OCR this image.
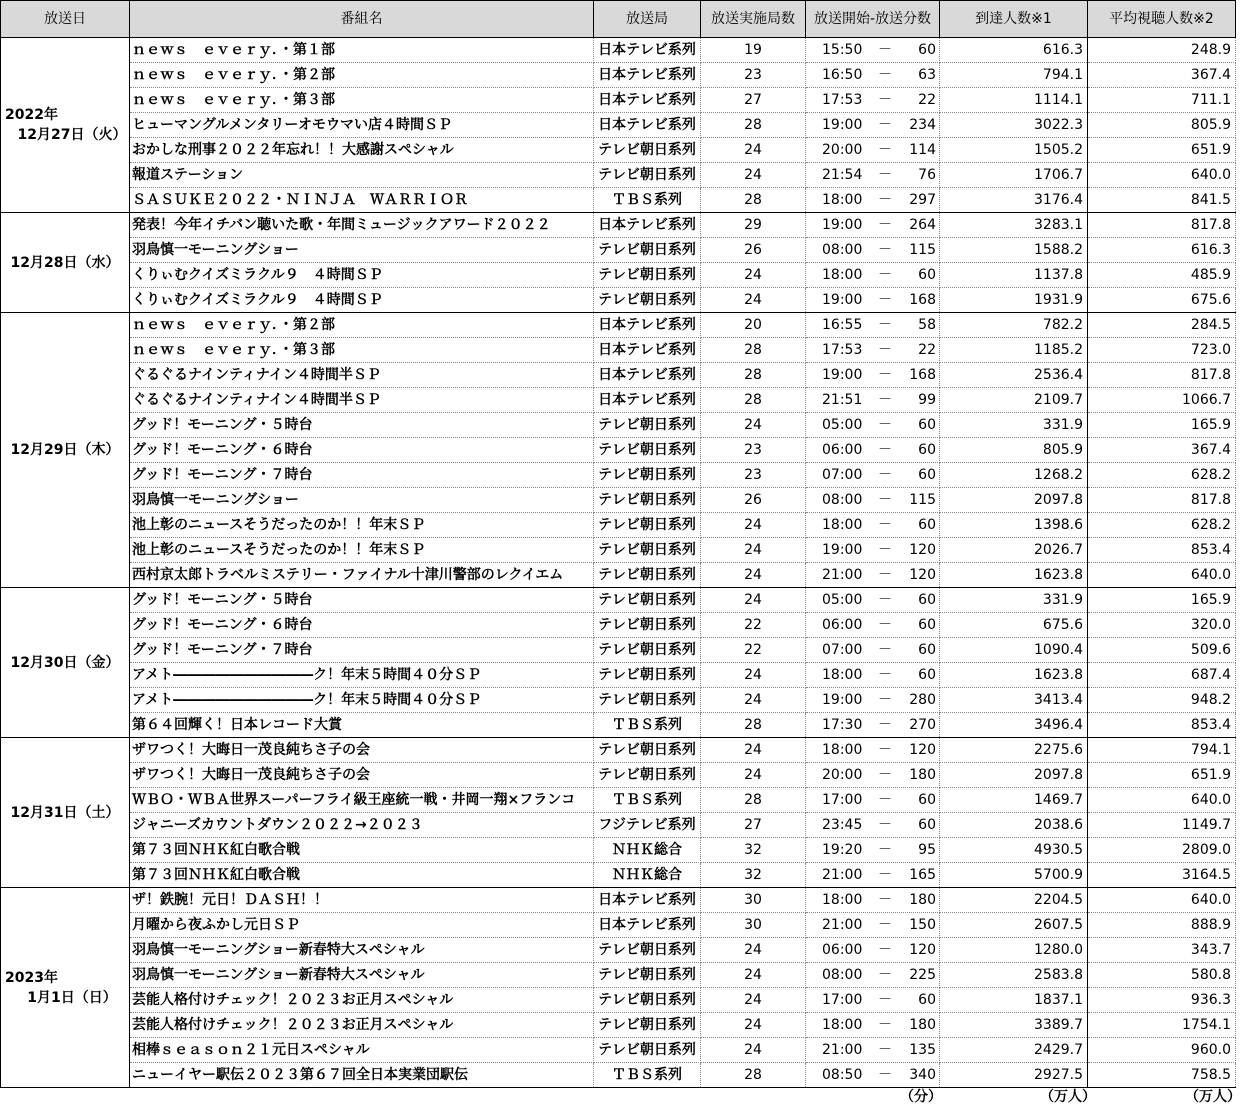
放送日	番組名	放送局	放送実施局数	放送開始-放送分数	到達人数※1	平均視聴人数※2

2022年
　12月27日（火）	ｎｅｗｓ　ｅｖｅｒｙ．・第１部	日本テレビ系列	19	15:50 － 60	616.3	248.9
	ｎｅｗｓ　ｅｖｅｒｙ．・第２部	日本テレビ系列	23	16:50 － 63	794.1	367.4
	ｎｅｗｓ　ｅｖｅｒｙ．・第３部	日本テレビ系列	27	17:53 － 22	1114.1	711.1
	ヒューマングルメンタリーオモウマい店４時間ＳＰ	日本テレビ系列	28	19:00 － 234	3022.3	805.9
	おかしな刑事２０２２年忘れ！！大感謝スペシャル	テレビ朝日系列	24	20:00 － 114	1505.2	651.9
	報道ステーション	テレビ朝日系列	24	21:54 － 76	1706.7	640.0
	ＳＡＳＵＫＥ２０２２・ＮＩＮＪＡ　ＷＡＲＲＩＯＲ	ＴＢＳ系列	28	18:00 － 297	3176.4	841.5

12月28日（水）	発表！今年イチバン聴いた歌・年間ミュージックアワード２０２２	日本テレビ系列	29	19:00 － 264	3283.1	817.8
	羽鳥慎一モーニングショー	テレビ朝日系列	26	08:00 － 115	1588.2	616.3
	くりぃむクイズミラクル９　４時間ＳＰ	テレビ朝日系列	24	18:00 － 60	1137.8	485.9
	くりぃむクイズミラクル９　４時間ＳＰ	テレビ朝日系列	24	19:00 － 168	1931.9	675.6

12月29日（木）	ｎｅｗｓ　ｅｖｅｒｙ．・第２部	日本テレビ系列	20	16:55 － 58	782.2	284.5
	ｎｅｗｓ　ｅｖｅｒｙ．・第３部	日本テレビ系列	28	17:53 － 22	1185.2	723.0
	ぐるぐるナインティナイン４時間半ＳＰ	日本テレビ系列	28	19:00 － 168	2536.4	817.8
	ぐるぐるナインティナイン４時間半ＳＰ	日本テレビ系列	28	21:51 － 99	2109.7	1066.7
	グッド！モーニング・５時台	テレビ朝日系列	24	05:00 － 60	331.9	165.9
	グッド！モーニング・６時台	テレビ朝日系列	23	06:00 － 60	805.9	367.4
	グッド！モーニング・７時台	テレビ朝日系列	23	07:00 － 60	1268.2	628.2
	羽鳥慎一モーニングショー	テレビ朝日系列	26	08:00 － 115	2097.8	817.8
	池上彰のニュースそうだったのか！！年末ＳＰ	テレビ朝日系列	24	18:00 － 60	1398.6	628.2
	池上彰のニュースそうだったのか！！年末ＳＰ	テレビ朝日系列	24	19:00 － 120	2026.7	853.4
	西村京太郎トラベルミステリー・ファイナル十津川警部のレクイエム	テレビ朝日系列	24	21:00 － 120	1623.8	640.0

12月30日（金）	グッド！モーニング・５時台	テレビ朝日系列	24	05:00 － 60	331.9	165.9
	グッド！モーニング・６時台	テレビ朝日系列	22	06:00 － 60	675.6	320.0
	グッド！モーニング・７時台	テレビ朝日系列	22	07:00 － 60	1090.4	509.6
	アメト――――――――――ク！年末５時間４０分ＳＰ	テレビ朝日系列	24	18:00 － 60	1623.8	687.4
	アメト――――――――――ク！年末５時間４０分ＳＰ	テレビ朝日系列	24	19:00 － 280	3413.4	948.2
	第６４回輝く！日本レコード大賞	ＴＢＳ系列	28	17:30 － 270	3496.4	853.4

12月31日（土）	ザワつく！大晦日一茂良純ちさ子の会	テレビ朝日系列	24	18:00 － 120	2275.6	794.1
	ザワつく！大晦日一茂良純ちさ子の会	テレビ朝日系列	24	20:00 － 180	2097.8	651.9
	ＷＢＯ・ＷＢＡ世界スーパーフライ級王座統一戦・井岡一翔×フランコ	ＴＢＳ系列	28	17:00 － 60	1469.7	640.0
	ジャニーズカウントダウン２０２２→２０２３	フジテレビ系列	27	23:45 － 60	2038.6	1149.7
	第７３回ＮＨＫ紅白歌合戦	ＮＨＫ総合	32	19:20 － 95	4930.5	2809.0
	第７３回ＮＨＫ紅白歌合戦	ＮＨＫ総合	32	21:00 － 165	5700.9	3164.5

2023年
　1月1日（日）	ザ！鉄腕！元日！ＤＡＳＨ！！	日本テレビ系列	30	18:00 － 180	2204.5	640.0
	月曜から夜ふかし元日ＳＰ	日本テレビ系列	30	21:00 － 150	2607.5	888.9
	羽鳥慎一モーニングショー新春特大スペシャル	テレビ朝日系列	24	06:00 － 120	1280.0	343.7
	羽鳥慎一モーニングショー新春特大スペシャル	テレビ朝日系列	24	08:00 － 225	2583.8	580.8
	芸能人格付けチェック！２０２３お正月スペシャル	テレビ朝日系列	24	17:00 － 60	1837.1	936.3
	芸能人格付けチェック！２０２３お正月スペシャル	テレビ朝日系列	24	18:00 － 180	3389.7	1754.1
	相棒ｓｅａｓｏｎ２１元日スペシャル	テレビ朝日系列	24	21:00 － 135	2429.7	960.0
	ニューイヤー駅伝２０２３第６７回全日本実業団駅伝	ＴＢＳ系列	28	08:50 － 340	2927.5	758.5
（分）	（万人）	（万人）
